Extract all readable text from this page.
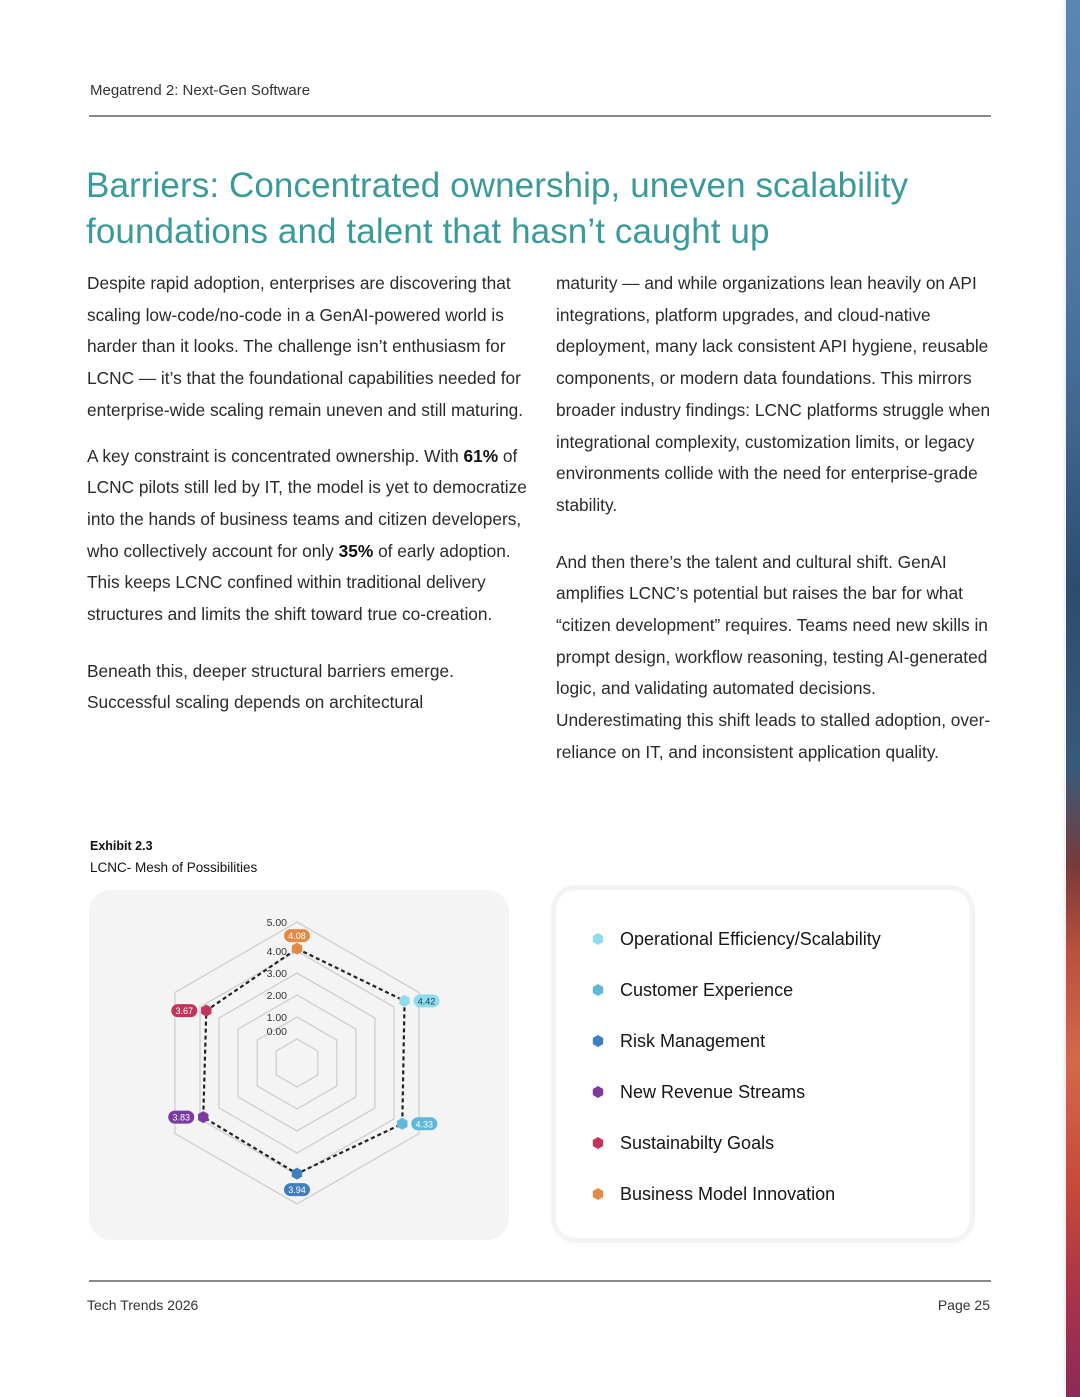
Megatrend 2: Next-Gen Software
Barriers: Concentrated ownership, uneven scalability foundations and talent that hasn’t caught up

Despite rapid adoption, enterprises are discovering that scaling low-code/no-code in a GenAI-powered world is harder than it looks. The challenge isn’t enthusiasm for LCNC — it’s that the foundational capabilities needed for enterprise-wide scaling remain uneven and still maturing.

A key constraint is concentrated ownership. With 61% of LCNC pilots still led by IT, the model is yet to democratize into the hands of business teams and citizen developers, who collectively account for only 35% of early adoption. This keeps LCNC confined within traditional delivery structures and limits the shift toward true co-creation.

Beneath this, deeper structural barriers emerge. Successful scaling depends on architectural

maturity — and while organizations lean heavily on API integrations, platform upgrades, and cloud-native deployment, many lack consistent API hygiene, reusable components, or modern data foundations. This mirrors broader industry findings: LCNC platforms struggle when integrational complexity, customization limits, or legacy environments collide with the need for enterprise-grade stability.

And then there’s the talent and cultural shift. GenAI amplifies LCNC’s potential but raises the bar for what “citizen development” requires. Teams need new skills in prompt design, workflow reasoning, testing AI-generated logic, and validating automated decisions. Underestimating this shift leads to stalled adoption, over-reliance on IT, and inconsistent application quality.

Exhibit 2.3
LCNC- Mesh of Possibilities
0.00
1.00
2.00
3.00
4.00
5.00
4.08
4.42
4.33
3.94
3.83
3.67
Operational Efficiency/Scalability
Customer Experience
Risk Management
New Revenue Streams
Sustainabilty Goals
Business Model Innovation
Tech Trends 2026	Page 25
